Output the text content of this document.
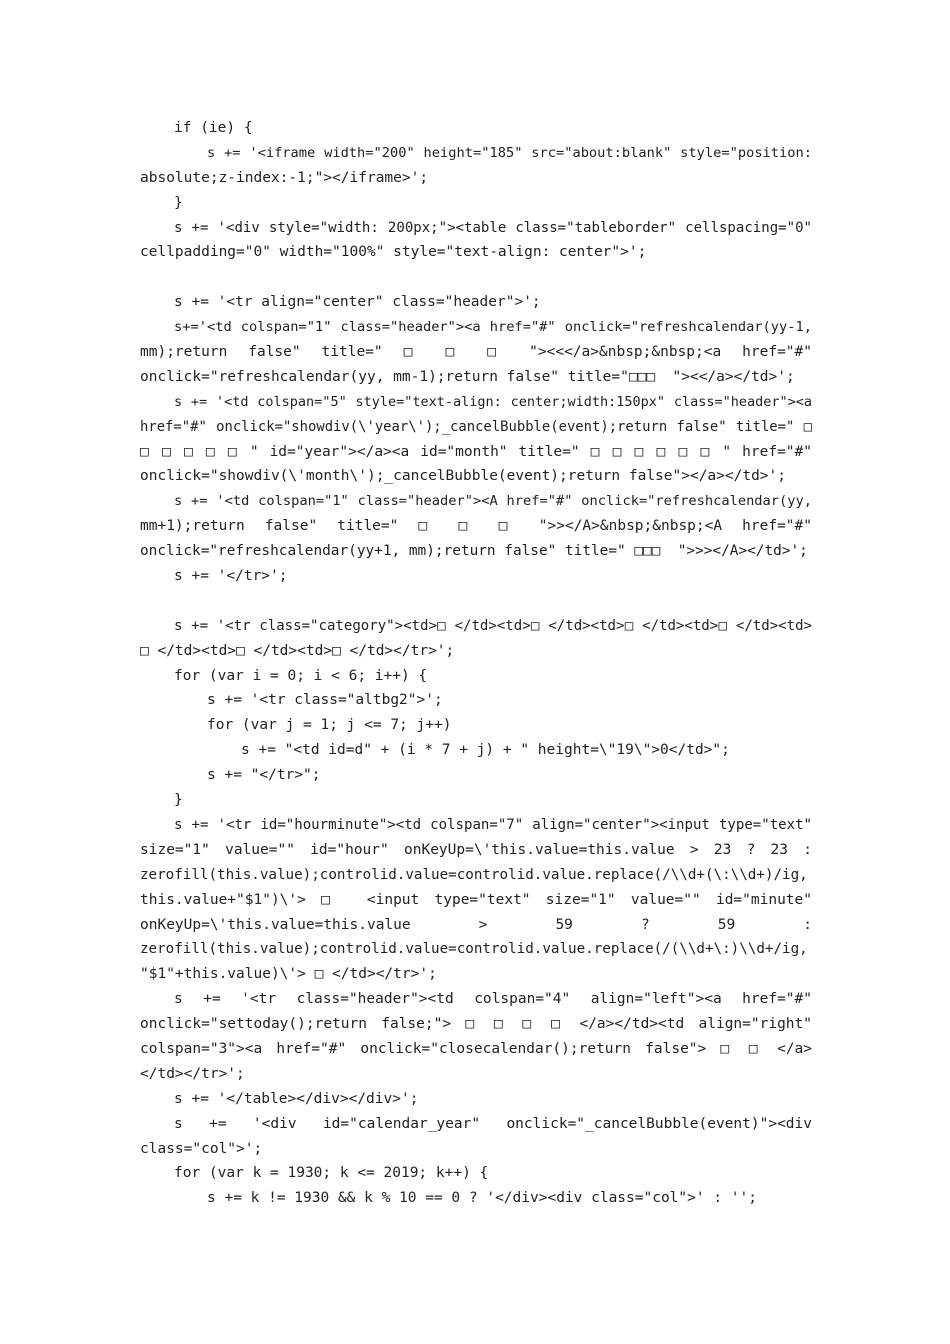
if (ie) {
s += '<iframe width="200" height="185" src="about:blank" style="position:
absolute;z-index:-1;"></iframe>';
}
s += '<div style="width: 200px;"><table class="tableborder" cellspacing="0"
cellpadding="0" width="100%" style="text-align: center">';
s += '<tr align="center" class="header">';
s+='<td colspan="1" class="header"><a href="#" onclick="refreshcalendar(yy-1,
mm);return false" title=" □ □ □ "><<</a>&nbsp;&nbsp;<a href="#"
onclick="refreshcalendar(yy, mm-1);return false" title="□□□  "><</a></td>';
s += '<td colspan="5" style="text-align: center;width:150px" class="header"><a
href="#" onclick="showdiv(\'year\');_cancelBubble(event);return false" title=" □
□ □ □ □ □ " id="year"></a><a id="month" title=" □ □ □ □ □ □ " href="#"
onclick="showdiv(\'month\');_cancelBubble(event);return false"></a></td>';
s += '<td colspan="1" class="header"><A href="#" onclick="refreshcalendar(yy,
mm+1);return false" title=" □ □ □ ">></A>&nbsp;&nbsp;<A href="#"
onclick="refreshcalendar(yy+1, mm);return false" title=" □□□  ">>></A></td>';
s += '</tr>';
s += '<tr class="category"><td>□ </td><td>□ </td><td>□ </td><td>□ </td><td>
□ </td><td>□ </td><td>□ </td></tr>';
for (var i = 0; i < 6; i++) {
s += '<tr class="altbg2">';
for (var j = 1; j <= 7; j++)
s += "<td id=d" + (i * 7 + j) + " height=\"19\">0</td>";
s += "</tr>";
}
s += '<tr id="hourminute"><td colspan="7" align="center"><input type="text"
size="1" value="" id="hour" onKeyUp=\'this.value=this.value > 23 ? 23 :
zerofill(this.value);controlid.value=controlid.value.replace(/\\d+(\:\\d+)/ig,
this.value+"$1")\'> □  <input type="text" size="1" value="" id="minute"
onKeyUp=\'this.value=this.value > 59 ? 59 :
zerofill(this.value);controlid.value=controlid.value.replace(/(\\d+\:)\\d+/ig,
"$1"+this.value)\'> □ </td></tr>';
s += '<tr class="header"><td colspan="4" align="left"><a href="#"
onclick="settoday();return false;"> □ □ □ □ </a></td><td align="right"
colspan="3"><a href="#" onclick="closecalendar();return false"> □ □ </a>
</td></tr>';
s += '</table></div></div>';
s += '<div id="calendar_year" onclick="_cancelBubble(event)"><div
class="col">';
for (var k = 1930; k <= 2019; k++) {
s += k != 1930 && k % 10 == 0 ? '</div><div class="col">' : '';
